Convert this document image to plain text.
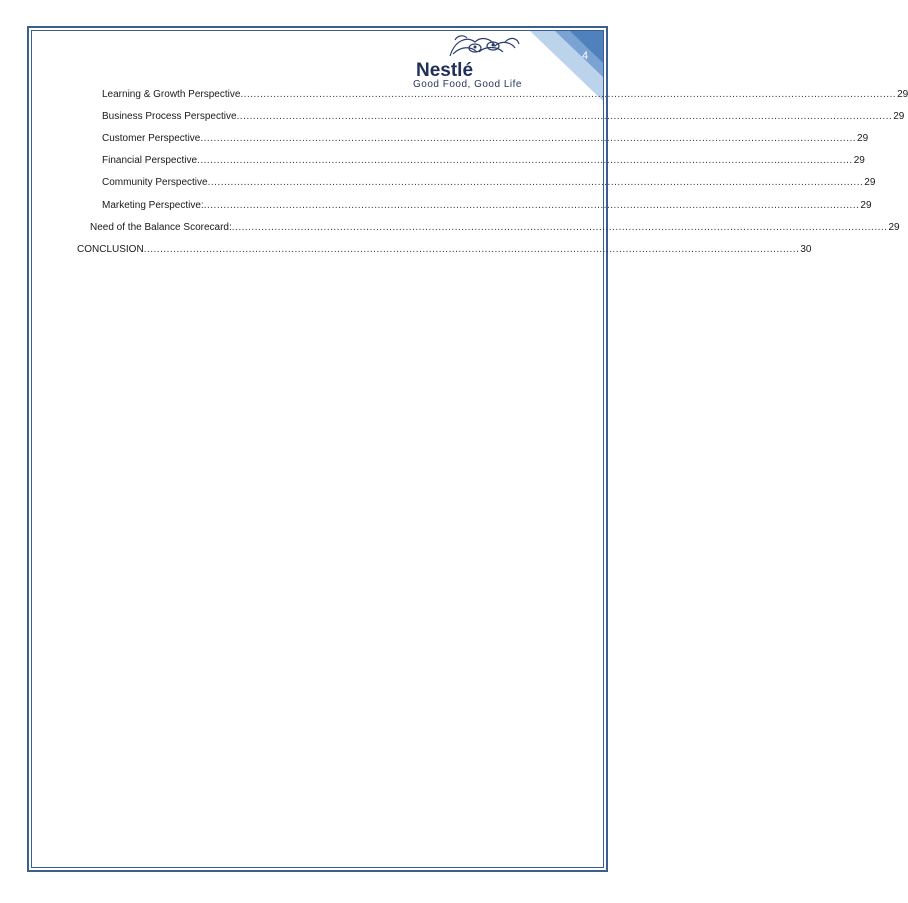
4
Nestlé
Good Food, Good Life
Learning & Growth Perspective ........................................................................................................................................................................................................ 29
Business Process Perspective ........................................................................................................................................................................................................ 29
Customer Perspective ........................................................................................................................................................................................................ 29
Financial Perspective ........................................................................................................................................................................................................ 29
Community Perspective ........................................................................................................................................................................................................ 29
Marketing Perspective: ........................................................................................................................................................................................................ 29
Need of the Balance Scorecard: ........................................................................................................................................................................................................ 29
CONCLUSION ........................................................................................................................................................................................................ 30
